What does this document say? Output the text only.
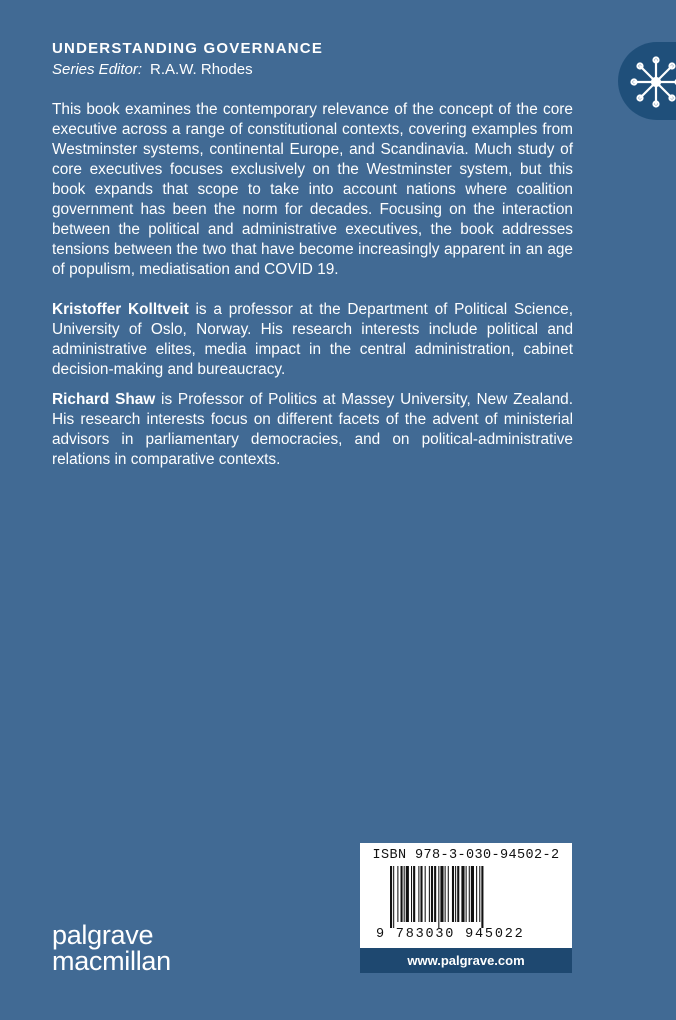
UNDERSTANDING GOVERNANCE
Series Editor: R.A.W. Rhodes

This book examines the contemporary relevance of the concept of the core executive across a range of constitutional contexts, covering examples from Westminster systems, continental Europe, and Scandinavia. Much study of core executives focuses exclusively on the Westminster system, but this book expands that scope to take into account nations where coalition government has been the norm for decades. Focusing on the interaction between the political and administrative executives, the book addresses tensions between the two that have become increasingly apparent in an age of populism, mediatisation and COVID 19.

Kristoffer Kolltveit is a professor at the Department of Political Science, University of Oslo, Norway. His research interests include political and administrative elites, media impact in the central administration, cabinet decision-making and bureaucracy.

Richard Shaw is Professor of Politics at Massey University, New Zealand. His research interests focus on different facets of the advent of ministerial advisors in parliamentary democracies, and on political-administrative relations in comparative contexts.

ISBN 978-3-030-94502-2
9 783030 945022
www.palgrave.com
palgrave
macmillan
